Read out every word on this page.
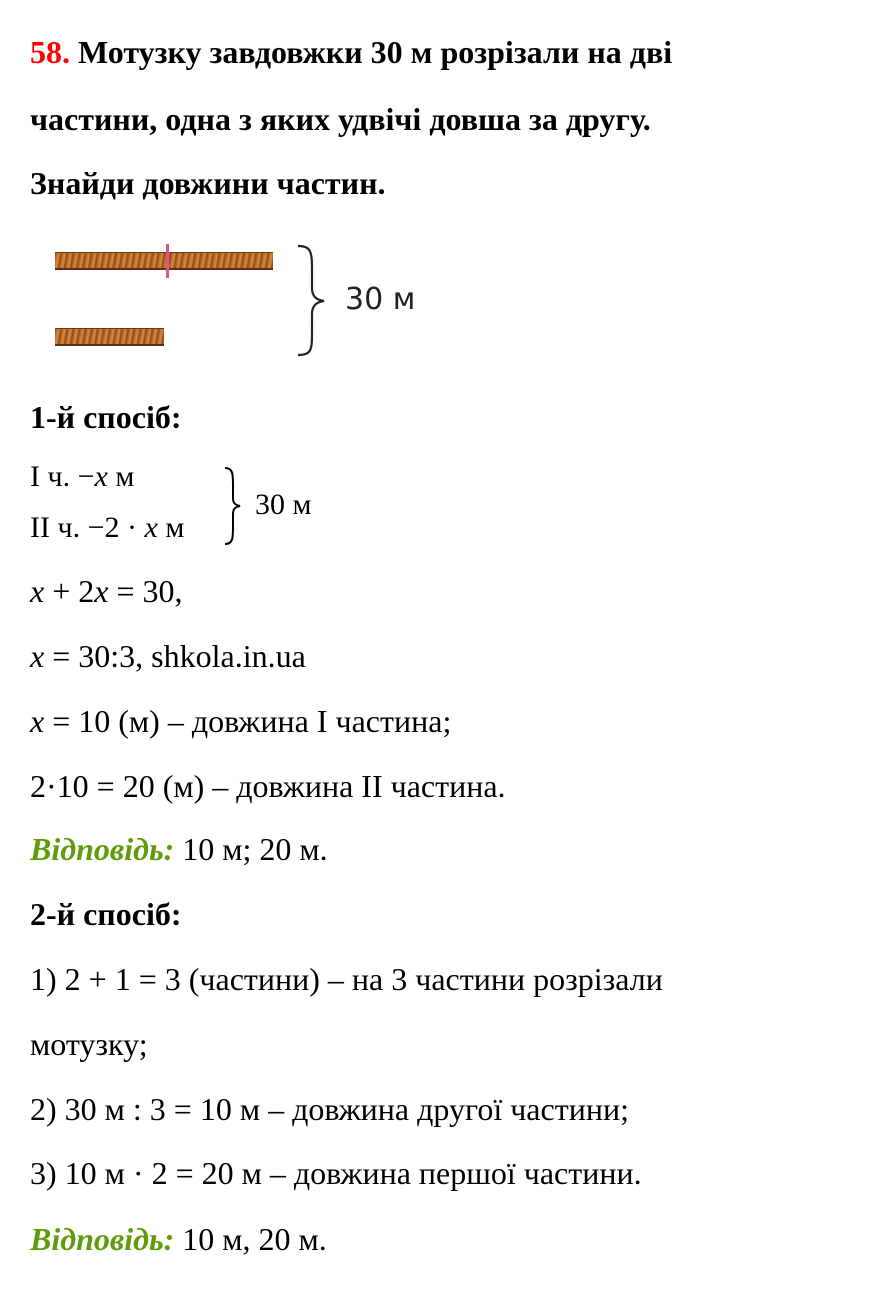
58. Мотузку завдовжки 30 м розрізали на дві
частини, одна з яких удвічі довша за другу.
Знайди довжини частин.
30 м
1-й спосіб:
I ч. −x м
II ч. −2 · x м
30 м
x + 2x = 30,
x = 30:3, shkola.in.ua
x = 10 (м) – довжина I частина;
2·10 = 20 (м) – довжина II частина.
Відповідь: 10 м; 20 м.
2-й спосіб:
1) 2 + 1 = 3 (частини) – на 3 частини розрізали
мотузку;
2) 30 м : 3 = 10 м – довжина другої частини;
3) 10 м · 2 = 20 м – довжина першої частини.
Відповідь: 10 м, 20 м.
